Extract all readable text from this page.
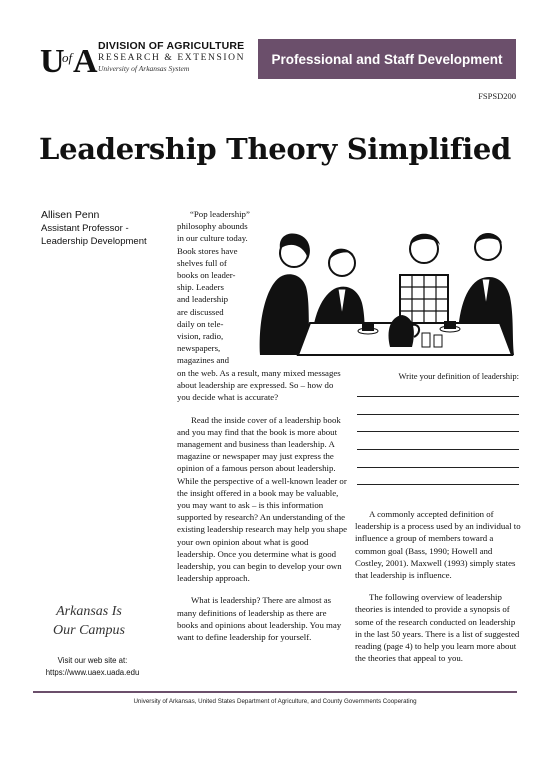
U
of A DIVISION OF AGRICULTURE
RESEARCH & EXTENSION
University of Arkansas System
Professional and Staff Development
FSPSD200
Leadership Theory Simplified
Allisen Penn
Assistant Professor -
Leadership Development
“Pop leadership”
philosophy abounds
in our culture today.
Book stores have
shelves full of
books on leader-
ship. Leaders
and leadership
are discussed
daily on tele-
vision, radio,
newspapers,
magazines and

on the web. As a result, many mixed messages about leadership are expressed. So – how do you decide what is accurate?

Read the inside cover of a leadership book and you may find that the book is more about management and business than leadership. A magazine or newspaper may just express the opinion of a famous person about leadership. While the perspective of a well-known leader or the insight offered in a book may be valuable, you may want to ask – is this information supported by research? An understanding of the existing leadership research may help you shape your own opinion about what is good leadership. Once you determine what is good leadership, you can begin to develop your own leadership approach.

What is leadership? There are almost as many definitions of leadership as there are books and opinions about leadership. You may want to define leadership for yourself.

Write your definition of leadership:

A commonly accepted definition of leadership is a process used by an individual to influence a group of members toward a common goal (Bass, 1990; Howell and Costley, 2001). Maxwell (1993) simply states that leadership is influence.

The following overview of leadership theories is intended to provide a synopsis of some of the research conducted on leadership in the last 50 years. There is a list of suggested reading (page 4) to help you learn more about the theories that appeal to you.

Arkansas Is
Our Campus
Visit our web site at:
https://www.uaex.uada.edu
University of Arkansas, United States Department of Agriculture, and County Governments Cooperating
